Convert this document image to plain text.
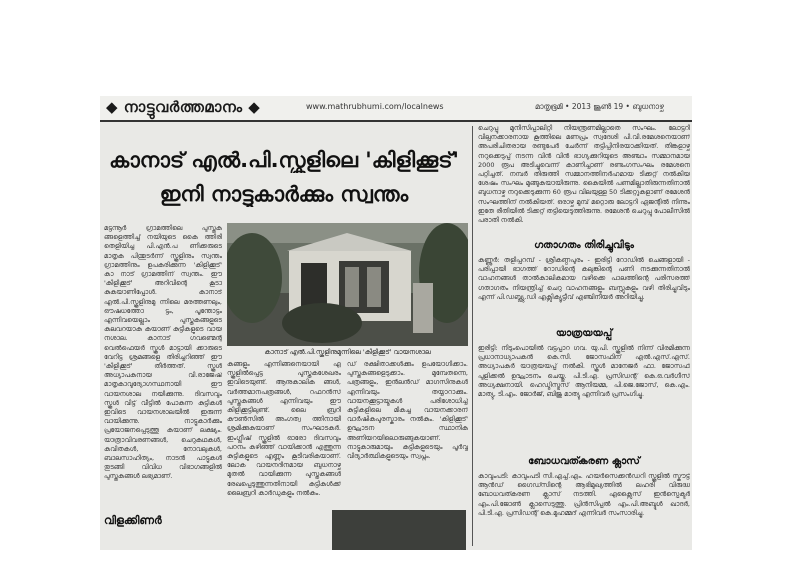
◆ നാട്ടുവർത്തമാനം ◆	www.mathrubhumi.com/localnews	മാതൃഭൂമി • 2013 ജൂൺ 19 • ബുധനാഴ്ച
കാനാട് എൽ.പി.സ്കൂളിലെ 'കിളിക്കൂട്'
ഇനി നാട്ടുകാർക്കും സ്വന്തം
മട്ടന്നൂർ ഗ്രാമത്തിലെ പുസ്തക ങ്ങളെത്തിച്ച് നയിയുടെ കൈ ത്തിരി തെളിയിച്ച പി.എൻ.പ ണിക്കരുടെ മാതൃക പിന്തുടർന്ന് സ്കൂളിനും സ്വന്തം ഗ്രാമത്തിനും ഉപകരിക്കുന്ന 'കിളിക്കൂട്' കാ നാട് ഗ്രാമത്തിന് സ്വന്തം. ഈ 'കിളിക്കൂട്' അറിവിന്റെ കൂടാ കുകയാണിപ്പോൾ. കാനാട് എൽ.പി.സ്കൂളിനുമു ന്നിലെ മരത്തണലും, ഔഷധത്തോ ട്ടം, പൂന്തോട്ടം എന്നിവയെല്ലാം പുസ്തകങ്ങളുടെ കലവറയാകു കയാണ് കുട്ടികളുടെ വായ നശാല. കാനാട് ഗവണ്മെന്റ വെൽഫെയർ സ്കൂൾ മാട്ടായി ക്കാരുടെ വേറിട്ട ശ്രമങ്ങളെ തിരിച്ചറിഞ്ഞ് ഈ 'കിളിക്കൂട്' തീർത്തത്. സ്കൂൾ അധ്യാപകനായ വി.രാജേഷ് മാതൃകാവുദ്യോഗസ്ഥനായി ഈ വായനശാല നയിക്കുന്നു. ദിവസവും സ്കൂൾ വിട്ട് വീട്ടിൽ പോകുന്ന കുട്ടികൾ ഇവിടെ വായനശാലയിൽ ഇരുന്ന് വായിക്കുന്നു. നാട്ടുകാർക്കും പ്രയോജനപ്പെടുത്തു കയാണ് ലക്ഷ്യം. യാത്രാവിവരണങ്ങൾ, ചെറുകഥകൾ, കവിതകൾ, നോവലുകൾ, ബാലസാഹിത്യം, നാടൻ പാട്ടുകൾ തുടങ്ങി വിവിധ വിഭാഗങ്ങളിൽ പുസ്തകങ്ങൾ ലഭ്യമാണ്.
കാനാട് എൽ.പി.സ്കൂളിനുമുന്നിലെ 'കിളിക്കൂട്' വായനശാല
കങ്ങളും എന്നിങ്ങനെയായി എ സ്കൂളിൽപ്പെട്ട പുസ്തകശേഖരം ഇവിടെയുണ്ട്. ആനുകാലിക ങ്ങൾ, വർത്തമാനപത്രങ്ങൾ, റഫറൻസ് പുസ്തകങ്ങൾ എന്നിവയും ഈ കിളിക്കൂട്ടിലുണ്ട്. ലൈ ബ്രറി കൗൺസിൽ അംഗത്വ ത്തിനായി ശ്രമിക്കുകയാണ് സംഘാടകർ. ഇംഗ്ലീഷ് സ്കൂളിൽ ഓരോ ദിവസവും പഠനം കഴിഞ്ഞ് വായിക്കാൻ എത്തുന്ന കുട്ടികളുടെ എണ്ണം കൂടിവരികയാണ്. ലോക വായനദിനമായ ബുധനാഴ്ച മുതൽ വായിക്കുന്ന പുസ്തകങ്ങൾ രേഖപ്പെടുത്തുന്നതിനായി കുട്ടികൾക്ക് ലൈബ്രറി കാർഡുകളും നൽകും.
ഡ് രക്ഷിതാക്കൾക്കും ഉപയോഗിക്കാം. പുസ്തകങ്ങളെടുക്കാം. മുമ്പേതന്നെ, പത്രങ്ങളും, ഇൻലൻഡ് മാഗസിനുകൾ എന്നിവയും തയ്യാറാക്കും. വായനക്കൂട്ടായ്മകൾ പരിശോധിച്ച് കുട്ടികളിലെ മികച്ച വായനക്കാരന് വാർഷികപുരസ്കാരം നൽകും. 'കിളിക്കൂട്' ഉദ്ഘാടന സ്ഥാനിക അണിയറയിലൊരുങ്ങുകയാണ്. നാട്ടുകാരുമായും കുട്ടികളുടെയും പൂർവ്വ വിദ്യാർത്ഥികളുടെയും സ്വപ്നം.
വിളക്കിണർ
ചെറുപ്പു മുനിസിപ്പാലിറ്റി നിയന്ത്രണമില്ലാതെ സംഘം. ലോട്ടറി വില്പനക്കാരനായ കൂത്തിലെ മണപ്രം സ്വദേശി പി.വി.രമേശനെയാണ് അപരിചിതരായ രണ്ടുപേർ ചേർന്ന് തട്ടിപ്പിനിരയാക്കിയത്. തിങ്കളാഴ്ച നറുക്കെടുപ്പ് നടന്ന വിൻ വിൻ ഭാഗ്യക്കുറിയുടെ അഞ്ചാം സമ്മാനമായ 2000 രൂപ അടിച്ചുവെന്ന് കാണിച്ചാണ് രണ്ടംഗസംഘം രമേശനെ പറ്റിച്ചത്. നമ്പർ തിരുത്തി സമ്മാനത്തിനർഹമായ ടിക്കറ്റ് നൽകിയ ശേഷം സംഘം മുങ്ങുകയായിരുന്നു. കൈയിൽ പണമില്ലാതിരുന്നതിനാൽ ബുധനാഴ്ച നറുക്കെടുക്കുന്ന 60 രൂപ വിലയുള്ള 50 ടിക്കറ്റുകളാണ് രമേശൻ സംഘത്തിന് നൽകിയത്. ഒരാഴ്ച മുമ്പ് മറ്റൊരു ലോട്ടറി ഏജന്റിൽ നിന്നും ഇതേ രീതിയിൽ ടിക്കറ്റ് തട്ടിയെടുത്തിരുന്നു. രമേശൻ ചെറുപ്പു പോലീസിൽ പരാതി നൽകി.
ഗതാഗതം തിരിച്ചുവിടും
കണ്ണൂർ: തളിപ്പറമ്പ് - ശ്രീകണ്ഠപുരം - ഇരിട്ടി റോഡിൽ ചെങ്ങളായി - പരിപ്പായി ഭാഗത്ത് റോഡിന്റെ കലുങ്കിന്റെ പണി നടക്കുന്നതിനാൽ വാഹനങ്ങൾ താൽകാലികമായ വഴിക്കെ പാലത്തിന്റെ പരിസരത്ത് ഗതാഗതം നിയന്ത്രിച്ച് ചെറു വാഹനങ്ങളും ബസ്സുകളും വഴി തിരിച്ചുവിടും എന്ന് പി.ഡബ്ല്യു.ഡി എക്സിക്യൂട്ടീവ് എഞ്ചിനീയർ അറിയിച്ചു.
യാത്രയയപ്പ്
ഇരിട്ടി: നിടുംപൊയിൽ വട്ടപ്പാറ ഗവ. യു.പി. സ്കൂളിൽ നിന്ന് വിരമിക്കുന്ന പ്രധാനാധ്യാപകൻ കെ.സി. ജോസഫിന് എൽ.എസ്.എസ്. അധ്യാപകർ യാത്രയയപ്പ് നൽകി. സ്കൂൾ മാനേജർ ഫാ. ജോസഫ് പുളിക്കൽ ഉദ്ഘാടനം ചെയ്തു. പി.ടി.എ. പ്രസിഡന്റ് കെ.ഒ.വർഗീസ് അധ്യക്ഷനായി. ഹെഡ്മിസ്ട്രസ് ആനിയമ്മ, പി.ജെ.ജോസ്, കെ.എം. മാത്യു, ടി.എം. ജോർജ്, ബിജു മാത്യു എന്നിവർ പ്രസംഗിച്ചു.
ബോധവത്കരണ ക്ലാസ്
കാവുംപടി: കാവുംപടി സി.എച്ച്.എം. ഹയർസെക്കൻഡറി സ്കൂളിൽ സ്കൗട്ട് ആൻഡ് ഗൈഡ്സിന്റെ ആഭിമുഖ്യത്തിൽ ലഹരി വിരുദ്ധ ബോധവത്കരണ ക്ലാസ് നടത്തി. എക്സൈസ് ഇൻസ്പെക്ടർ എം.പി.ജോൺ ക്ലാസെടുത്തു. പ്രിൻസിപ്പൽ എം.പി.അബ്ദുൾ ഖാദർ, പി.ടി.എ. പ്രസിഡന്റ് കെ.മുഹമ്മദ് എന്നിവർ സംസാരിച്ചു.
